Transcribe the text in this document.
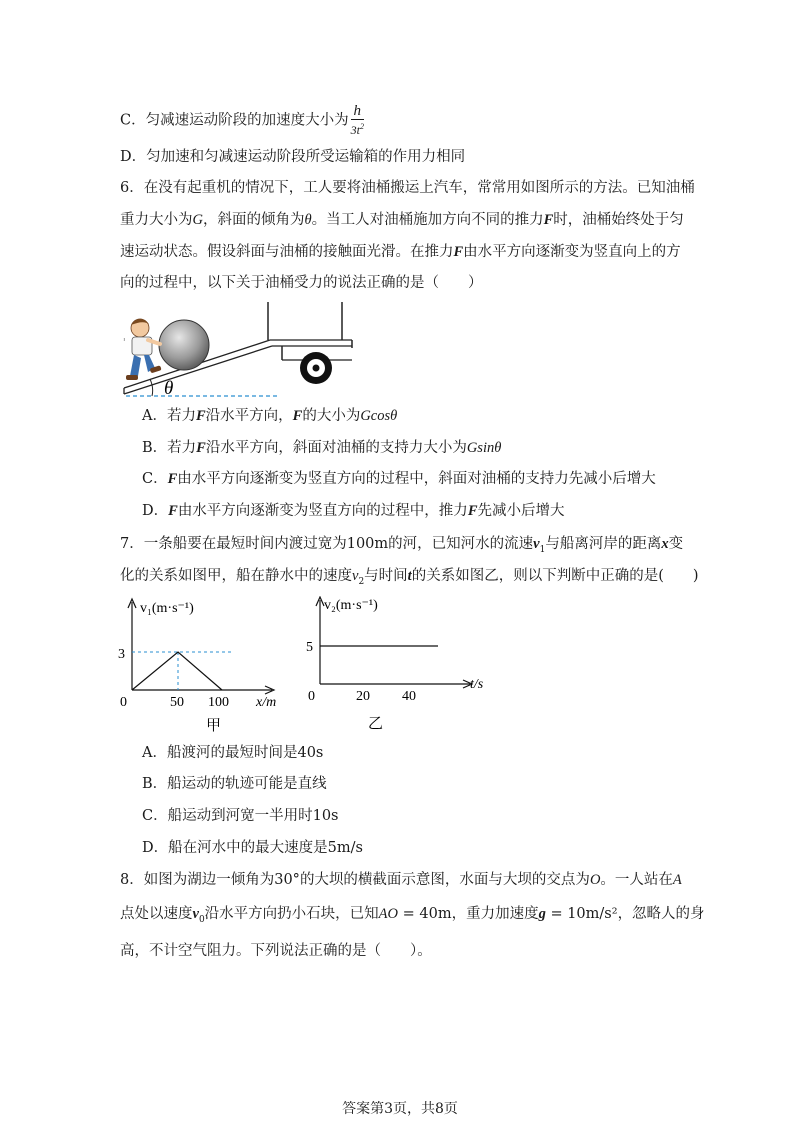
C．匀减速运动阶段的加速度大小为 $\frac{h}{3t^2}$
D．匀加速和匀减速运动阶段所受运输箱的作用力相同
6．在没有起重机的情况下，工人要将油桶搬运上汽车，常常用如图所示的方法。已知油桶
重力大小为G，斜面的倾角为θ。当工人对油桶施加方向不同的推力F时，油桶始终处于匀
速运动状态。假设斜面与油桶的接触面光滑。在推力F由水平方向逐渐变为竖直向上的方
向的过程中，以下关于油桶受力的说法正确的是（　　）
ⸯ
θ
A．若力F沿水平方向，F的大小为Gcosθ
B．若力F沿水平方向，斜面对油桶的支持力大小为Gsinθ
C．F由水平方向逐渐变为竖直方向的过程中，斜面对油桶的支持力先减小后增大
D．F由水平方向逐渐变为竖直方向的过程中，推力F先减小后增大
7．一条船要在最短时间内渡过宽为100m的河，已知河水的流速$v_1$与船离河岸的距离x变
化的关系如图甲，船在静水中的速度$v_2$与时间t的关系如图乙，则以下判断中正确的是(　　)
v₁(m·s⁻¹)
3
0	50 100 x/m
甲
v₂(m·s⁻¹)
5
0	20 40
t/s
乙
A．船渡河的最短时间是40s
B．船运动的轨迹可能是直线
C．船运动到河宽一半用时10s
D．船在河水中的最大速度是5m/s
8．如图为湖边一倾角为30°的大坝的横截面示意图，水面与大坝的交点为O。一人站在A
点处以速度$v_0$沿水平方向扔小石块，已知AO = 40m，重力加速度g = 10m/s²，忽略人的身
高，不计空气阻力。下列说法正确的是（　　）。
答案第3页，共8页
